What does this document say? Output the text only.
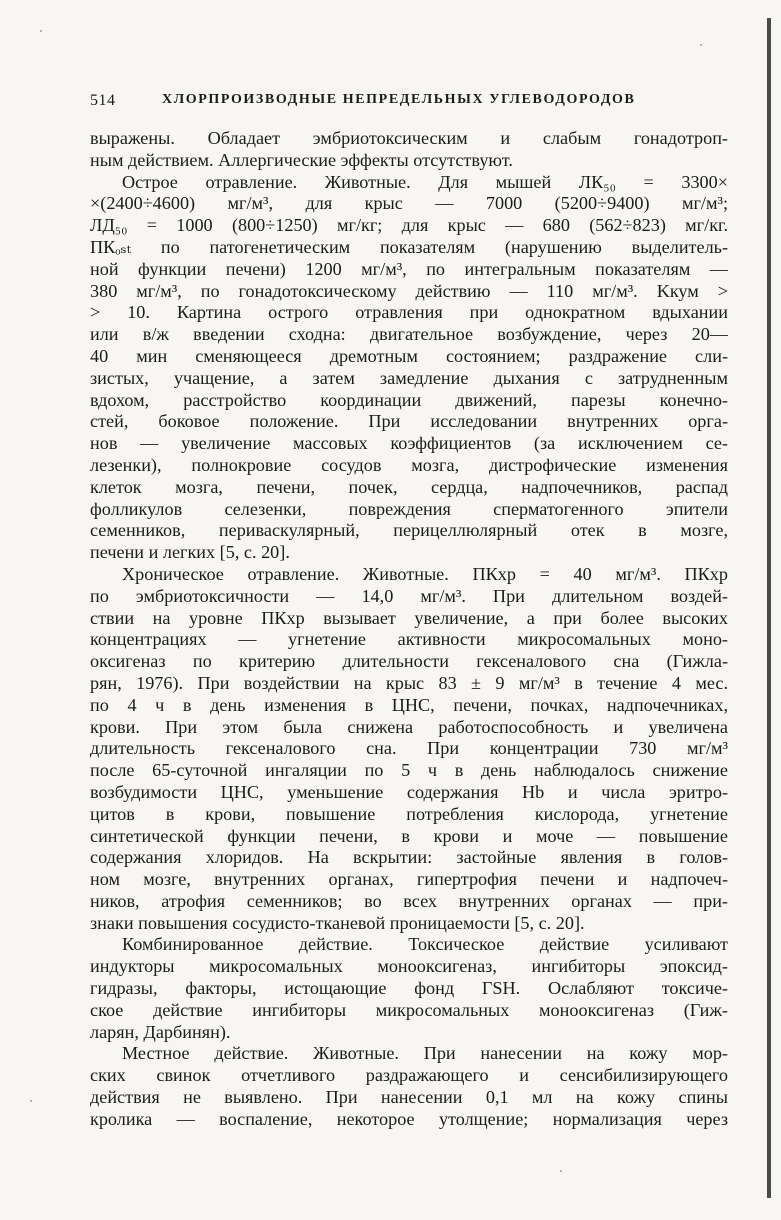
514	ХЛОРПРОИЗВОДНЫЕ НЕПРЕДЕЛЬНЫХ УГЛЕВОДОРОДОВ
выражены. Обладает эмбриотоксическим и слабым гонадотроп-
ным действием. Аллергические эффекты отсутствуют.
Острое отравление. Животные. Для мышей ЛК₅₀ = 3300×
×(2400÷4600) мг/м³, для крыс — 7000 (5200÷9400) мг/м³;
ЛД₅₀ = 1000 (800÷1250) мг/кг; для крыс — 680 (562÷823) мг/кг.
ПКₒₛₜ по патогенетическим показателям (нарушению выделитель-
ной функции печени) 1200 мг/м³, по интегральным показателям —
380 мг/м³, по гонадотоксическому действию — 110 мг/м³. Kкум >
> 10. Картина острого отравления при однократном вдыхании
или в/ж введении сходна: двигательное возбуждение, через 20—
40 мин сменяющееся дремотным состоянием; раздражение сли-
зистых, учащение, а затем замедление дыхания с затрудненным
вдохом, расстройство координации движений, парезы конечно-
стей, боковое положение. При исследовании внутренних орга-
нов — увеличение массовых коэффициентов (за исключением се-
лезенки), полнокровие сосудов мозга, дистрофические изменения
клеток мозга, печени, почек, сердца, надпочечников, распад
фолликулов селезенки, повреждения сперматогенного эпители
семенников, периваскулярный, перицеллюлярный отек в мозге,
печени и легких [5, с. 20].
Хроническое отравление. Животные. ПКхр = 40 мг/м³. ПКхр
по эмбриотоксичности — 14,0 мг/м³. При длительном воздей-
ствии на уровне ПКхр вызывает увеличение, а при более высоких
концентрациях — угнетение активности микросомальных моно-
оксигеназ по критерию длительности гексеналового сна (Гижла-
рян, 1976). При воздействии на крыс 83 ± 9 мг/м³ в течение 4 мес.
по 4 ч в день изменения в ЦНС, печени, почках, надпочечниках,
крови. При этом была снижена работоспособность и увеличена
длительность гексеналового сна. При концентрации 730 мг/м³
после 65-суточной ингаляции по 5 ч в день наблюдалось снижение
возбудимости ЦНС, уменьшение содержания Hb и числа эритро-
цитов в крови, повышение потребления кислорода, угнетение
синтетической функции печени, в крови и моче — повышение
содержания хлоридов. На вскрытии: застойные явления в голов-
ном мозге, внутренних органах, гипертрофия печени и надпочеч-
ников, атрофия семенников; во всех внутренних органах — при-
знаки повышения сосудисто-тканевой проницаемости [5, с. 20].
Комбинированное действие. Токсическое действие усиливают
индукторы микросомальных монооксигеназ, ингибиторы эпоксид-
гидразы, факторы, истощающие фонд ГSH. Ослабляют токсиче-
ское действие ингибиторы микросомальных монооксигеназ (Гиж-
ларян, Дарбинян).
Местное действие. Животные. При нанесении на кожу мор-
ских свинок отчетливого раздражающего и сенсибилизирующего
действия не выявлено. При нанесении 0,1 мл на кожу спины
кролика — воспаление, некоторое утолщение; нормализация через
